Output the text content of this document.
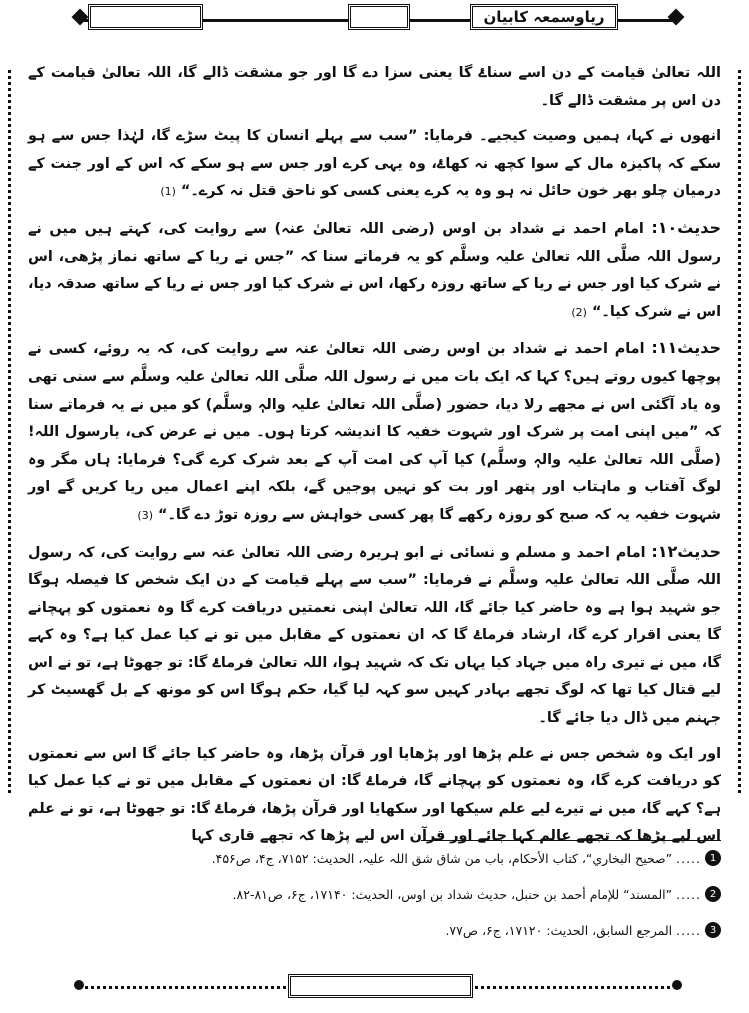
ریاوسمعہ کابیان

اللہ تعالیٰ قیامت کے دن اسے سناۓ گا یعنی سزا دے گا اور جو مشقت ڈالے گا، اللہ تعالیٰ قیامت کے دن اس پر مشقت ڈالے گا۔

انھوں نے کہا، ہمیں وصیت کیجیے۔ فرمایا: ”سب سے پہلے انسان کا پیٹ سڑے گا، لہٰذا جس سے ہو سکے کہ پاکیزہ مال کے سوا کچھ نہ کھاۓ، وہ یہی کرے اور جس سے ہو سکے کہ اس کے اور جنت کے درمیان چلو بھر خون حائل نہ ہو وہ یہ کرے یعنی کسی کو ناحق قتل نہ کرے۔“ (1)

حدیث۱۰: امام احمد نے شداد بن اوس (رضی اللہ تعالیٰ عنہ) سے روایت کی، کہتے ہیں میں نے رسول اللہ صلَّی اللہ تعالیٰ علیہ وسلَّم کو یہ فرماتے سنا کہ ”جس نے ریا کے ساتھ نماز پڑھی، اس نے شرک کیا اور جس نے ریا کے ساتھ روزہ رکھا، اس نے شرک کیا اور جس نے ریا کے ساتھ صدقہ دیا، اس نے شرک کیا۔“ (2)

حدیث۱۱: امام احمد نے شداد بن اوس رضی اللہ تعالیٰ عنہ سے روایت کی، کہ یہ روئے، کسی نے پوچھا کیوں روتے ہیں؟ کہا کہ ایک بات میں نے رسول اللہ صلَّی اللہ تعالیٰ علیہ وسلَّم سے سنی تھی وہ یاد آگئی اس نے مجھے رلا دیا، حضور (صلَّی اللہ تعالیٰ علیہ والہٖ وسلَّم) کو میں نے یہ فرماتے سنا کہ ”میں اپنی امت پر شرک اور شہوت خفیہ کا اندیشہ کرتا ہوں۔ میں نے عرض کی، یارسول اللہ! (صلَّی اللہ تعالیٰ علیہ والہٖ وسلَّم) کیا آپ کی امت آپ کے بعد شرک کرے گی؟ فرمایا: ہاں مگر وہ لوگ آفتاب و ماہتاب اور پتھر اور بت کو نہیں پوجیں گے، بلکہ اپنے اعمال میں ریا کریں گے اور شہوت خفیہ یہ کہ صبح کو روزہ رکھے گا پھر کسی خواہش سے روزہ توڑ دے گا۔“ (3)

حدیث۱۲: امام احمد و مسلم و نسائی نے ابو ہریرہ رضی اللہ تعالیٰ عنہ سے روایت کی، کہ رسول اللہ صلَّی اللہ تعالیٰ علیہ وسلَّم نے فرمایا: ”سب سے پہلے قیامت کے دن ایک شخص کا فیصلہ ہوگا جو شہید ہوا ہے وہ حاضر کیا جائے گا، اللہ تعالیٰ اپنی نعمتیں دریافت کرے گا وہ نعمتوں کو پہچانے گا یعنی اقرار کرے گا، ارشاد فرماۓ گا کہ ان نعمتوں کے مقابل میں تو نے کیا عمل کیا ہے؟ وہ کہے گا، میں نے تیری راہ میں جہاد کیا یہاں تک کہ شہید ہوا، اللہ تعالیٰ فرماۓ گا: تو جھوٹا ہے، تو نے اس لیے قتال کیا تھا کہ لوگ تجھے بہادر کہیں سو کہہ لیا گیا، حکم ہوگا اس کو مونھ کے بل گھسیٹ کر جہنم میں ڈال دیا جائے گا۔

اور ایک وہ شخص جس نے علم پڑھا اور پڑھایا اور قرآن پڑھا، وہ حاضر کیا جائے گا اس سے نعمتوں کو دریافت کرے گا، وہ نعمتوں کو پہچانے گا، فرماۓ گا: ان نعمتوں کے مقابل میں تو نے کیا عمل کیا ہے؟ کہے گا، میں نے تیرے لیے علم سیکھا اور سکھایا اور قرآن پڑھا، فرماۓ گا: تو جھوٹا ہے، تو نے علم اس لیے پڑھا کہ تجھے عالم کہا جائے اور قرآن اس لیے پڑھا کہ تجھے قاری کہا

1
.....
”صحیح البخاري“، کتاب الأحکام، باب من شاق شق اللہ علیہ، الحدیث: ۷۱۵۲، ج۴، ص۴۵۶.
2
.....
”المسند“ للإمام أحمد بن حنبل، حدیث شداد بن اوس، الحدیث: ۱۷۱۴۰، ج۶، ص۸۱-۸۲.
3
.....
المرجع السابق، الحدیث: ۱۷۱۲۰، ج۶، ص۷۷.
